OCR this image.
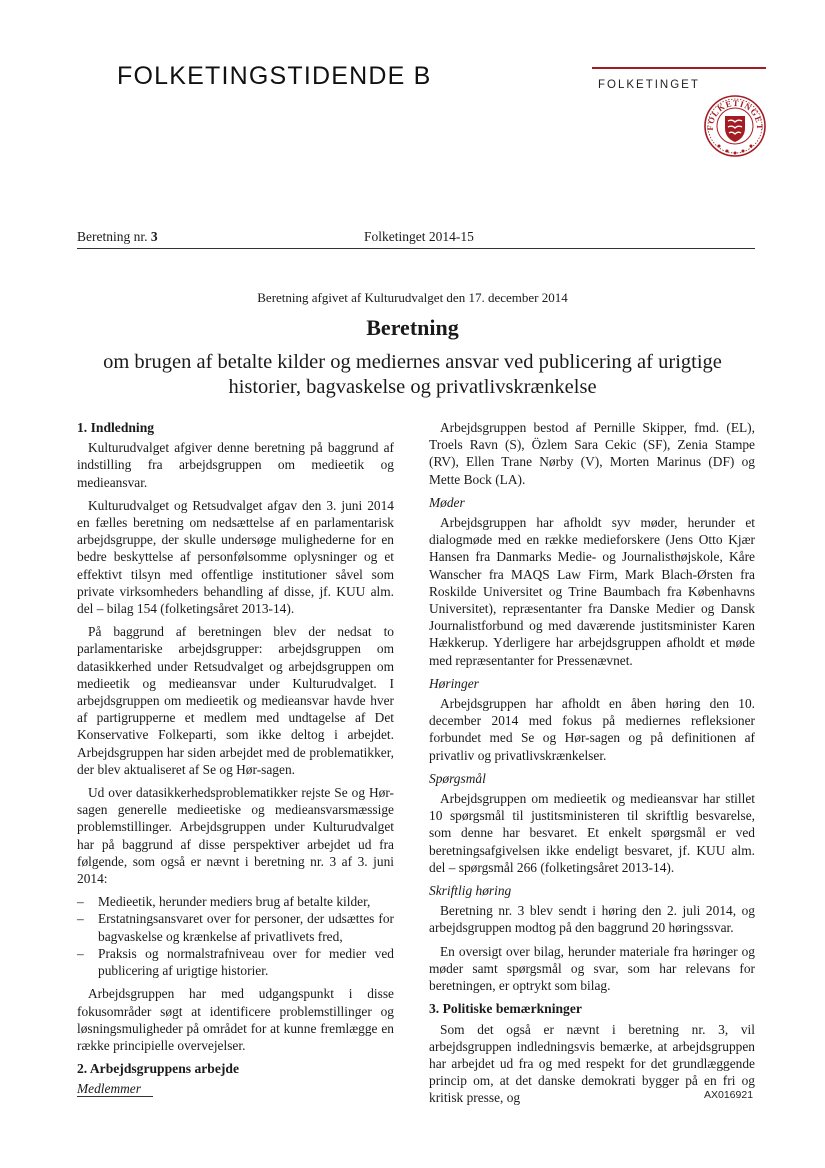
FOLKETINGSTIDENDE B	FOLKETINGET
FOLKETINGET
Beretning nr. 3	Folketinget 2014-15
Beretning afgivet af Kulturudvalget den 17. december 2014
Beretning
om brugen af betalte kilder og mediernes ansvar ved publicering af urigtige historier, bagvaskelse og privatlivskrænkelse
1. Indledning

Kulturudvalget afgiver denne beretning på baggrund af indstilling fra arbejdsgruppen om medieetik og medieansvar.

Kulturudvalget og Retsudvalget afgav den 3. juni 2014 en fælles beretning om nedsættelse af en parlamentarisk arbejdsgruppe, der skulle undersøge mulighederne for en bedre beskyttelse af personfølsomme oplysninger og et effektivt tilsyn med offentlige institutioner såvel som private virksomheders behandling af disse, jf. KUU alm. del – bilag 154 (folketingsåret 2013-14).

På baggrund af beretningen blev der nedsat to parlamentariske arbejdsgrupper: arbejdsgruppen om datasikkerhed under Retsudvalget og arbejdsgruppen om medieetik og medieansvar under Kulturudvalget. I arbejdsgruppen om medieetik og medieansvar havde hver af partigrupperne et medlem med undtagelse af Det Konservative Folkeparti, som ikke deltog i arbejdet. Arbejdsgruppen har siden arbejdet med de problematikker, der blev aktualiseret af Se og Hør-sagen.

Ud over datasikkerhedsproblematikker rejste Se og Hør-sagen generelle medieetiske og medieansvarsmæssige problemstillinger. Arbejdsgruppen under Kulturudvalget har på baggrund af disse perspektiver arbejdet ud fra følgende, som også er nævnt i beretning nr. 3 af 3. juni 2014:

– Medieetik, herunder mediers brug af betalte kilder,
– Erstatningsansvaret over for personer, der udsættes for bagvaskelse og krænkelse af privatlivets fred,
– Praksis og normalstrafniveau over for medier ved publicering af urigtige historier.

Arbejdsgruppen har med udgangspunkt i disse fokusområder søgt at identificere problemstillinger og løsningsmuligheder på området for at kunne fremlægge en række principielle overvejelser.

2. Arbejdsgruppens arbejde

Medlemmer

Arbejdsgruppen bestod af Pernille Skipper, fmd. (EL), Troels Ravn (S), Özlem Sara Cekic (SF), Zenia Stampe (RV), Ellen Trane Nørby (V), Morten Marinus (DF) og Mette Bock (LA).

Møder

Arbejdsgruppen har afholdt syv møder, herunder et dialogmøde med en række medieforskere (Jens Otto Kjær Hansen fra Danmarks Medie- og Journalisthøjskole, Kåre Wanscher fra MAQS Law Firm, Mark Blach-Ørsten fra Roskilde Universitet og Trine Baumbach fra Københavns Universitet), repræsentanter fra Danske Medier og Dansk Journalistforbund og med daværende justitsminister Karen Hækkerup. Yderligere har arbejdsgruppen afholdt et møde med repræsentanter for Pressenævnet.

Høringer

Arbejdsgruppen har afholdt en åben høring den 10. december 2014 med fokus på mediernes refleksioner forbundet med Se og Hør-sagen og på definitionen af privatliv og privatlivskrænkelser.

Spørgsmål

Arbejdsgruppen om medieetik og medieansvar har stillet 10 spørgsmål til justitsministeren til skriftlig besvarelse, som denne har besvaret. Et enkelt spørgsmål er ved beretningsafgivelsen ikke endeligt besvaret, jf. KUU alm. del – spørgsmål 266 (folketingsåret 2013-14).

Skriftlig høring

Beretning nr. 3 blev sendt i høring den 2. juli 2014, og arbejdsgruppen modtog på den baggrund 20 høringssvar.

En oversigt over bilag, herunder materiale fra høringer og møder samt spørgsmål og svar, som har relevans for beretningen, er optrykt som bilag.

3. Politiske bemærkninger

Som det også er nævnt i beretning nr. 3, vil arbejdsgruppen indledningsvis bemærke, at arbejdsgruppen har arbejdet ud fra og med respekt for det grundlæggende princip om, at det danske demokrati bygger på en fri og kritisk presse, og	AX016921
